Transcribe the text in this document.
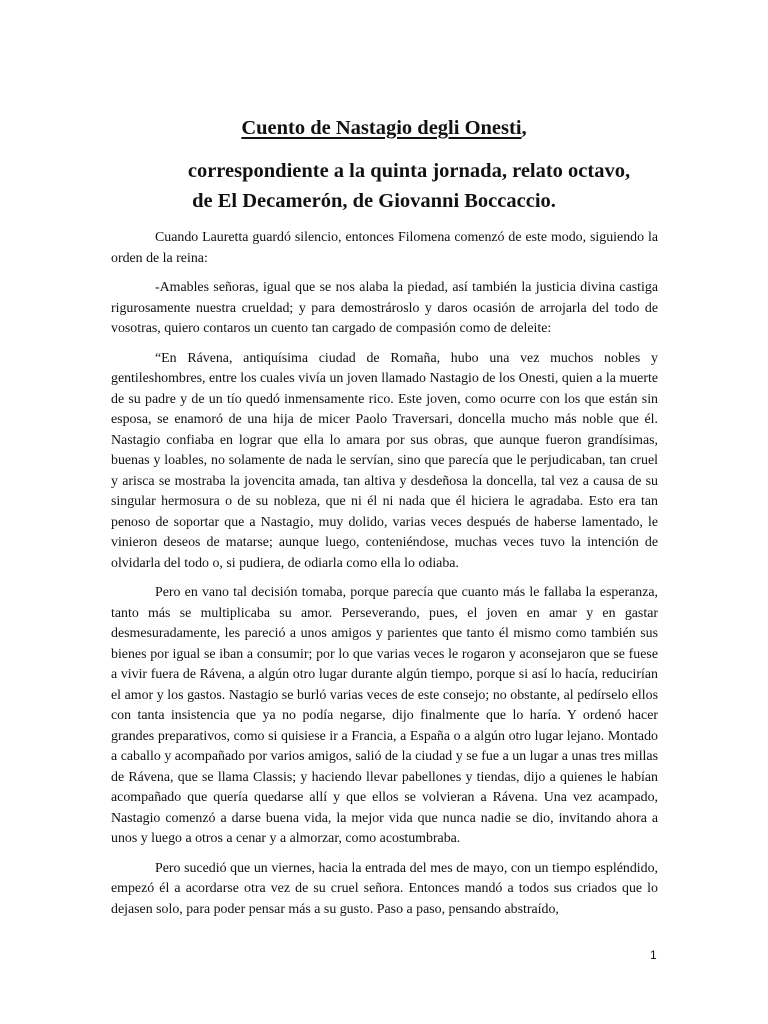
Cuento de Nastagio degli Onesti,
correspondiente a la quinta jornada, relato octavo,
de El Decamerón, de Giovanni Boccaccio.

Cuando Lauretta guardó silencio, entonces Filomena comenzó de este modo, siguiendo la orden de la reina:

-Amables señoras, igual que se nos alaba la piedad, así también la justicia divina castiga rigurosamente nuestra crueldad; y para demostrároslo y daros ocasión de arrojarla del todo de vosotras, quiero contaros un cuento tan cargado de compasión como de deleite:

“En Rávena, antiquísima ciudad de Romaña, hubo una vez muchos nobles y gentileshombres, entre los cuales vivía un joven llamado Nastagio de los Onesti, quien a la muerte de su padre y de un tío quedó inmensamente rico. Este joven, como ocurre con los que están sin esposa, se enamoró de una hija de micer Paolo Traversari, doncella mucho más noble que él. Nastagio confiaba en lograr que ella lo amara por sus obras, que aunque fueron grandísimas, buenas y loables, no solamente de nada le servían, sino que parecía que le perjudicaban, tan cruel y arisca se mostraba la jovencita amada, tan altiva y desdeñosa la doncella, tal vez a causa de su singular hermosura o de su nobleza, que ni él ni nada que él hiciera le agradaba. Esto era tan penoso de soportar que a Nastagio, muy dolido, varias veces después de haberse lamentado, le vinieron deseos de matarse; aunque luego, conteniéndose, muchas veces tuvo la intención de olvidarla del todo o, si pudiera, de odiarla como ella lo odiaba.

Pero en vano tal decisión tomaba, porque parecía que cuanto más le fallaba la esperanza, tanto más se multiplicaba su amor. Perseverando, pues, el joven en amar y en gastar desmesuradamente, les pareció a unos amigos y parientes que tanto él mismo como también sus bienes por igual se iban a consumir; por lo que varias veces le rogaron y aconsejaron que se fuese a vivir fuera de Rávena, a algún otro lugar durante algún tiempo, porque si así lo hacía, reducirían el amor y los gastos. Nastagio se burló varias veces de este consejo; no obstante, al pedírselo ellos con tanta insistencia que ya no podía negarse, dijo finalmente que lo haría. Y ordenó hacer grandes preparativos, como si quisiese ir a Francia, a España o a algún otro lugar lejano. Montado a caballo y acompañado por varios amigos, salió de la ciudad y se fue a un lugar a unas tres millas de Rávena, que se llama Classis; y haciendo llevar pabellones y tiendas, dijo a quienes le habían acompañado que quería quedarse allí y que ellos se volvieran a Rávena. Una vez acampado, Nastagio comenzó a darse buena vida, la mejor vida que nunca nadie se dio, invitando ahora a unos y luego a otros a cenar y a almorzar, como acostumbraba.

Pero sucedió que un viernes, hacia la entrada del mes de mayo, con un tiempo espléndido, empezó él a acordarse otra vez de su cruel señora. Entonces mandó a todos sus criados que lo dejasen solo, para poder pensar más a su gusto. Paso a paso, pensando abstraído,

1
